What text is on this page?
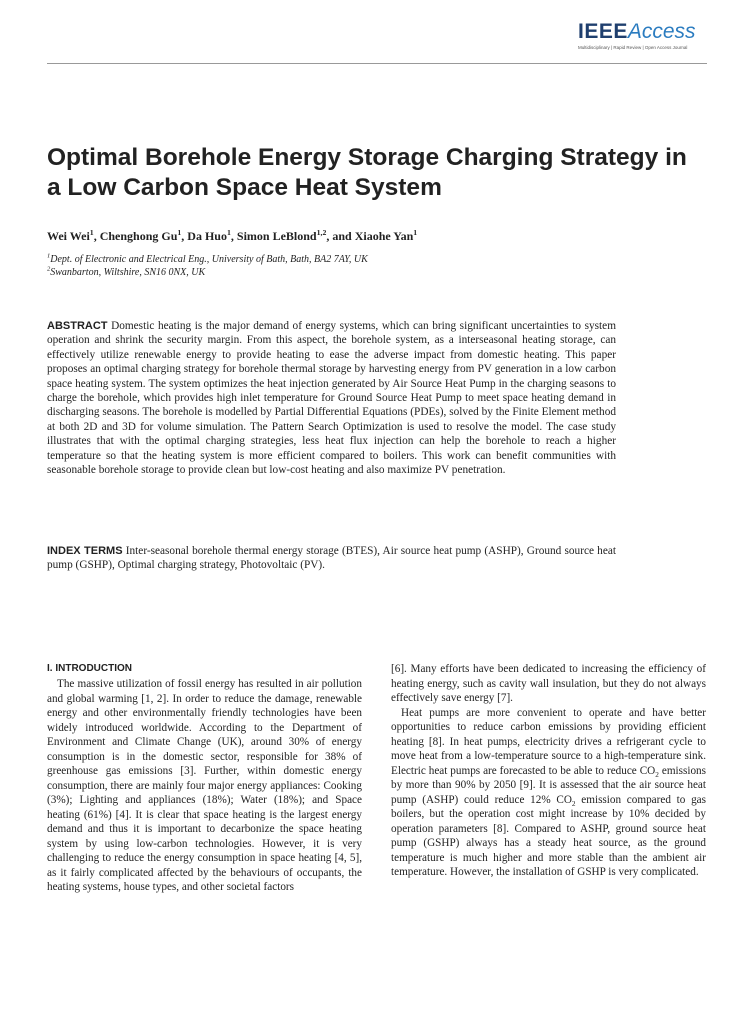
IEEEAccess
Multidisciplinary | Rapid Review | Open Access Journal
Optimal Borehole Energy Storage Charging Strategy in a Low Carbon Space Heat System
Wei Wei$^1$, Chenghong Gu$^1$, Da Huo$^1$, Simon LeBlond$^{1,2}$, and Xiaohe Yan$^1$
$^1$Dept. of Electronic and Electrical Eng., University of Bath, Bath, BA2 7AY, UK
$^2$Swanbarton, Wiltshire, SN16 0NX, UK

ABSTRACT Domestic heating is the major demand of energy systems, which can bring significant uncertainties to system operation and shrink the security margin. From this aspect, the borehole system, as a interseasonal heating storage, can effectively utilize renewable energy to provide heating to ease the adverse impact from domestic heating. This paper proposes an optimal charging strategy for borehole thermal storage by harvesting energy from PV generation in a low carbon space heating system. The system optimizes the heat injection generated by Air Source Heat Pump in the charging seasons to charge the borehole, which provides high inlet temperature for Ground Source Heat Pump to meet space heating demand in discharging seasons. The borehole is modelled by Partial Differential Equations (PDEs), solved by the Finite Element method at both 2D and 3D for volume simulation. The Pattern Search Optimization is used to resolve the model. The case study illustrates that with the optimal charging strategies, less heat flux injection can help the borehole to reach a higher temperature so that the heating system is more efficient compared to boilers. This work can benefit communities with seasonable borehole storage to provide clean but low-cost heating and also maximize PV penetration.

INDEX TERMS Inter-seasonal borehole thermal energy storage (BTES), Air source heat pump (ASHP), Ground source heat pump (GSHP), Optimal charging strategy, Photovoltaic (PV).

I. INTRODUCTION

The massive utilization of fossil energy has resulted in air pollution and global warming [1, 2]. In order to reduce the damage, renewable energy and other environmentally friendly technologies have been widely introduced worldwide. According to the Department of Environment and Climate Change (UK), around 30% of energy consumption is in the domestic sector, responsible for 38% of greenhouse gas emissions [3]. Further, within domestic energy consumption, there are mainly four major energy appliances: Cooking (3%); Lighting and appliances (18%); Water (18%); and Space heating (61%) [4]. It is clear that space heating is the largest energy demand and thus it is important to decarbonize the space heating system by using low-carbon technologies. However, it is very challenging to reduce the energy consumption in space heating [4, 5], as it fairly complicated affected by the behaviours of occupants, the heating systems, house types, and other societal factors

[6]. Many efforts have been dedicated to increasing the efficiency of heating energy, such as cavity wall insulation, but they do not always effectively save energy [7].

Heat pumps are more convenient to operate and have better opportunities to reduce carbon emissions by providing efficient heating [8]. In heat pumps, electricity drives a refrigerant cycle to move heat from a low-temperature source to a high-temperature sink. Electric heat pumps are forecasted to be able to reduce $CO_2$ emissions by more than 90% by 2050 [9]. It is assessed that the air source heat pump (ASHP) could reduce 12% $CO_2$ emission compared to gas boilers, but the operation cost might increase by 10% decided by operation parameters [8]. Compared to ASHP, ground source heat pump (GSHP) always has a steady heat source, as the ground temperature is much higher and more stable than the ambient air temperature. However, the installation of GSHP is very complicated.
